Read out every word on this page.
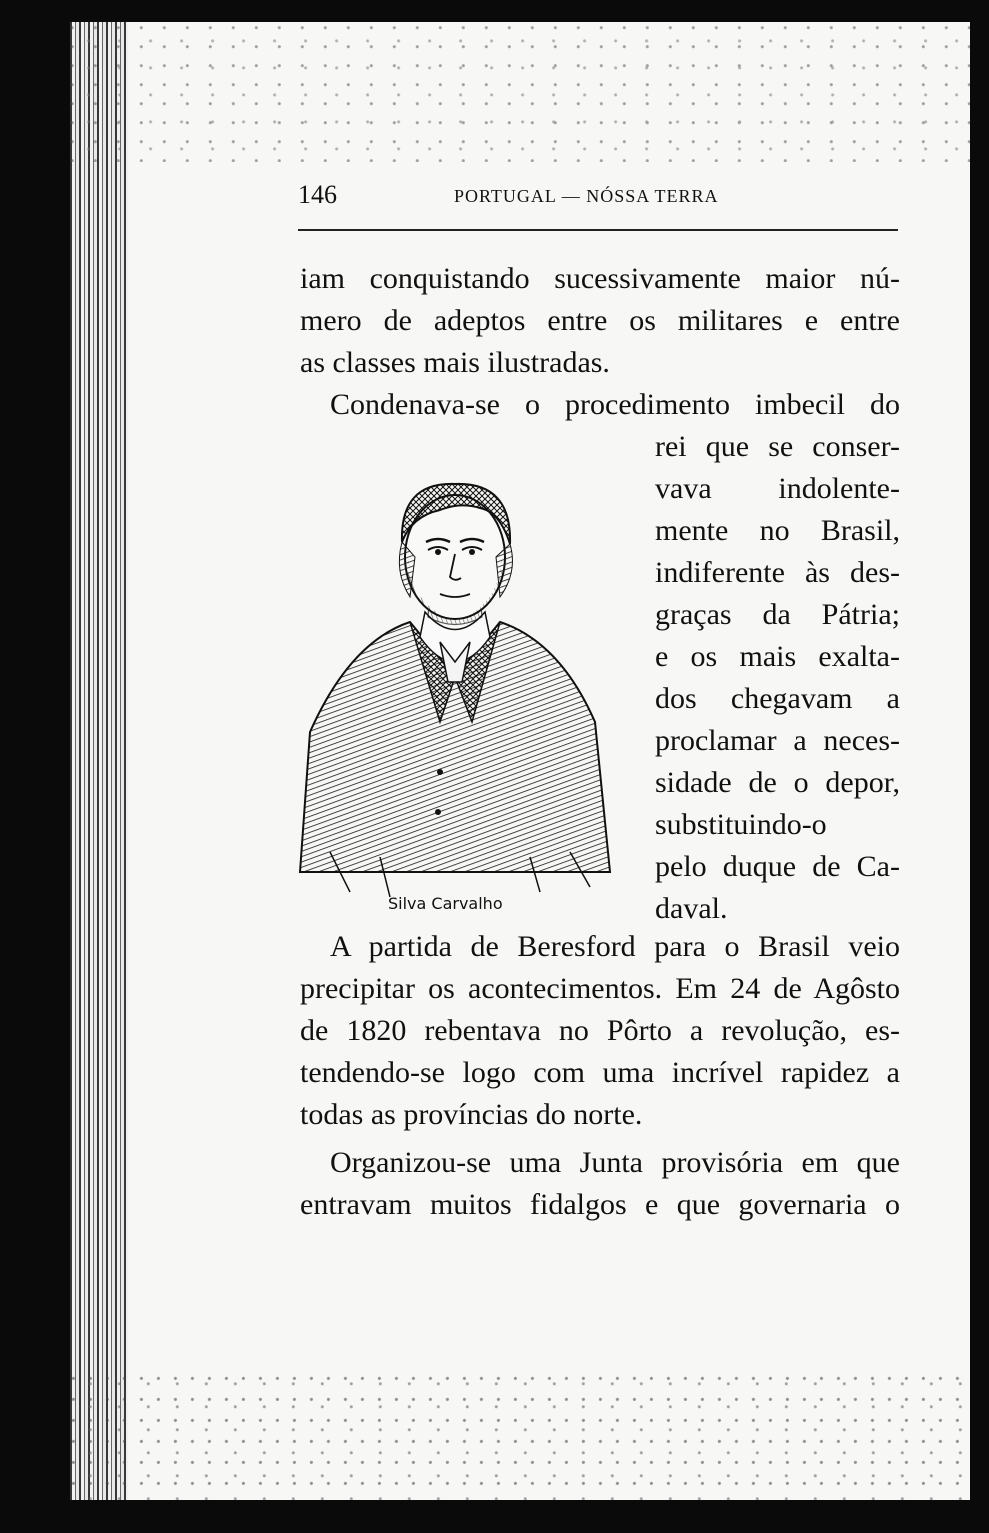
146	PORTUGAL — NÓSSA TERRA
iam conquistando sucessivamente maior nú-
mero de adeptos entre os militares e entre
as classes mais ilustradas.
Condenava-se o procedimento imbecil do
rei que se conser-
vava indolente-
mente no Brasil,
indiferente às des-
graças da Pátria;
e os mais exalta-
dos chegavam a
proclamar a neces-
sidade de o depor,
substituindo-o
pelo duque de Ca-
daval.
Silva Carvalho
A partida de Beresford para o Brasil veio
precipitar os acontecimentos. Em 24 de Agôsto
de 1820 rebentava no Pôrto a revolução, es-
tendendo-se logo com uma incrível rapidez a
todas as províncias do norte.
Organizou-se uma Junta provisória em que
entravam muitos fidalgos e que governaria o
